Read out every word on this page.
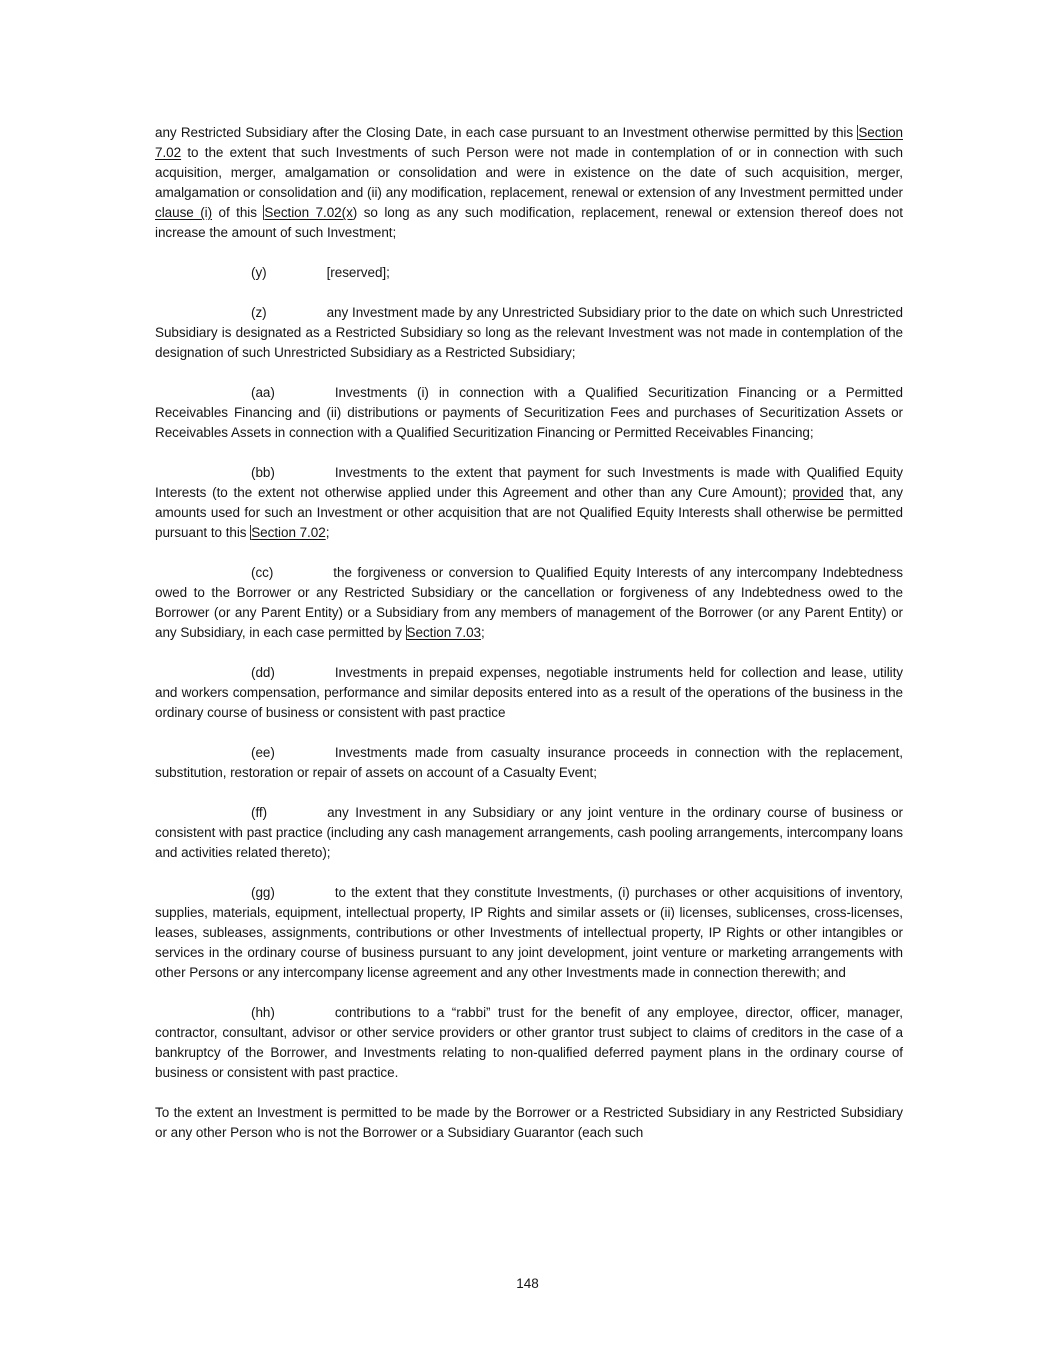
any Restricted Subsidiary after the Closing Date, in each case pursuant to an Investment otherwise permitted by this Section 7.02 to the extent that such Investments of such Person were not made in contemplation of or in connection with such acquisition, merger, amalgamation or consolidation and were in existence on the date of such acquisition, merger, amalgamation or consolidation and (ii) any modification, replacement, renewal or extension of any Investment permitted under clause (i) of this Section 7.02(x) so long as any such modification, replacement, renewal or extension thereof does not increase the amount of such Investment;

(y)	[reserved];

(z)	any Investment made by any Unrestricted Subsidiary prior to the date on which such Unrestricted Subsidiary is designated as a Restricted Subsidiary so long as the relevant Investment was not made in contemplation of the designation of such Unrestricted Subsidiary as a Restricted Subsidiary;

(aa)	Investments (i) in connection with a Qualified Securitization Financing or a Permitted Receivables Financing and (ii) distributions or payments of Securitization Fees and purchases of Securitization Assets or Receivables Assets in connection with a Qualified Securitization Financing or Permitted Receivables Financing;

(bb)	Investments to the extent that payment for such Investments is made with Qualified Equity Interests (to the extent not otherwise applied under this Agreement and other than any Cure Amount); provided that, any amounts used for such an Investment or other acquisition that are not Qualified Equity Interests shall otherwise be permitted pursuant to this Section 7.02;

(cc)	the forgiveness or conversion to Qualified Equity Interests of any intercompany Indebtedness owed to the Borrower or any Restricted Subsidiary or the cancellation or forgiveness of any Indebtedness owed to the Borrower (or any Parent Entity) or a Subsidiary from any members of management of the Borrower (or any Parent Entity) or any Subsidiary, in each case permitted by Section 7.03;

(dd)	Investments in prepaid expenses, negotiable instruments held for collection and lease, utility and workers compensation, performance and similar deposits entered into as a result of the operations of the business in the ordinary course of business or consistent with past practice

(ee)	Investments made from casualty insurance proceeds in connection with the replacement, substitution, restoration or repair of assets on account of a Casualty Event;

(ff)	any Investment in any Subsidiary or any joint venture in the ordinary course of business or consistent with past practice (including any cash management arrangements, cash pooling arrangements, intercompany loans and activities related thereto);

(gg)	to the extent that they constitute Investments, (i) purchases or other acquisitions of inventory, supplies, materials, equipment, intellectual property, IP Rights and similar assets or (ii) licenses, sublicenses, cross-licenses, leases, subleases, assignments, contributions or other Investments of intellectual property, IP Rights or other intangibles or services in the ordinary course of business pursuant to any joint development, joint venture or marketing arrangements with other Persons or any intercompany license agreement and any other Investments made in connection therewith; and

(hh)	contributions to a “rabbi” trust for the benefit of any employee, director, officer, manager, contractor, consultant, advisor or other service providers or other grantor trust subject to claims of creditors in the case of a bankruptcy of the Borrower, and Investments relating to non-qualified deferred payment plans in the ordinary course of business or consistent with past practice.

To the extent an Investment is permitted to be made by the Borrower or a Restricted Subsidiary in any Restricted Subsidiary or any other Person who is not the Borrower or a Subsidiary Guarantor (each such

148
